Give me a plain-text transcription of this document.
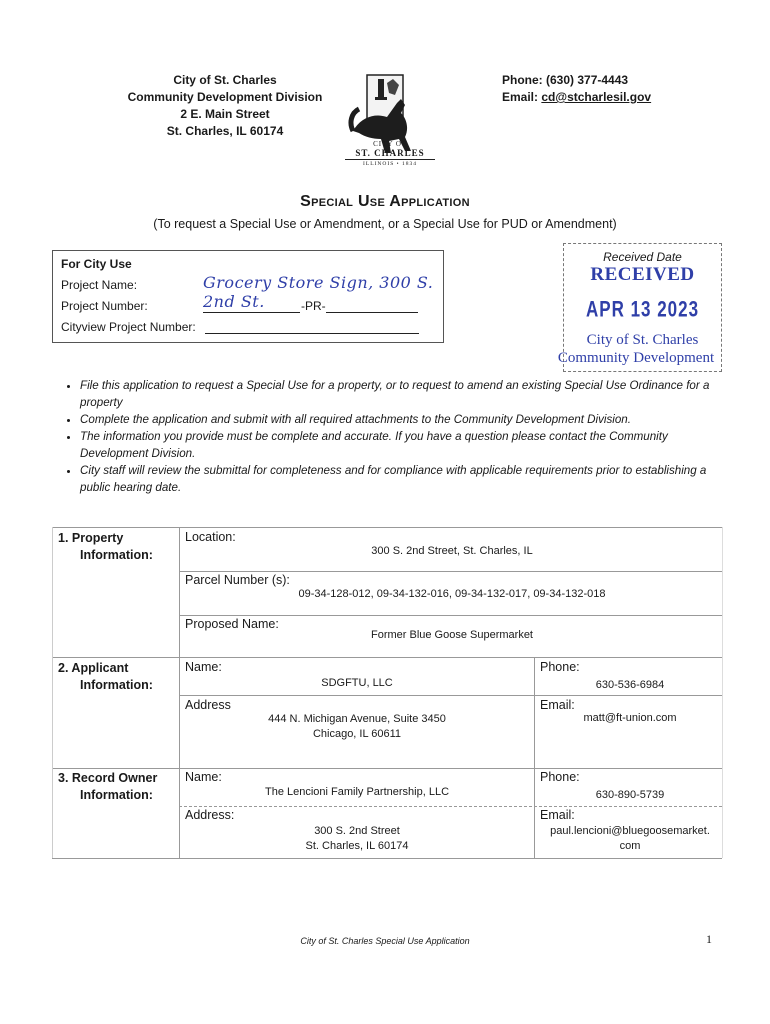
City of St. Charles
Community Development Division
2 E. Main Street
St. Charles, IL 60174
CITY OF
ST. CHARLES
ILLINOIS • 1834
Phone: (630) 377-4443
Email: cd@stcharlesil.gov
Special Use Application
(To request a Special Use or Amendment, or a Special Use for PUD or Amendment)
For City Use
Project Name:	Grocery Store Sign, 300 S. 2nd St.
Project Number:	-PR-
Cityview Project Number:
Received Date
RECEIVED
APR 13 2023
City of St. Charles
Community Development
• File this application to request a Special Use for a property, or to request to amend an existing Special Use Ordinance for a property
• Complete the application and submit with all required attachments to the Community Development Division.
• The information you provide must be complete and accurate. If you have a question please contact the Community Development Division.
• City staff will review the submittal for completeness and for compliance with applicable requirements prior to establishing a public hearing date.
1. Property
Information:
Location:
300 S. 2nd Street, St. Charles, IL
Parcel Number (s):
09-34-128-012, 09-34-132-016, 09-34-132-017, 09-34-132-018
Proposed Name:
Former Blue Goose Supermarket
2. Applicant
Information:
Name:
SDGFTU, LLC
Phone:
630-536-6984
Address
444 N. Michigan Avenue, Suite 3450
Chicago, IL 60611
Email:
matt@ft-union.com
3. Record Owner
Information:
Name:
The Lencioni Family Partnership, LLC
Phone:
630-890-5739
Address:
300 S. 2nd Street
St. Charles, IL 60174
Email:
paul.lencioni@bluegoosemarket.
com
City of St. Charles Special Use Application	1
